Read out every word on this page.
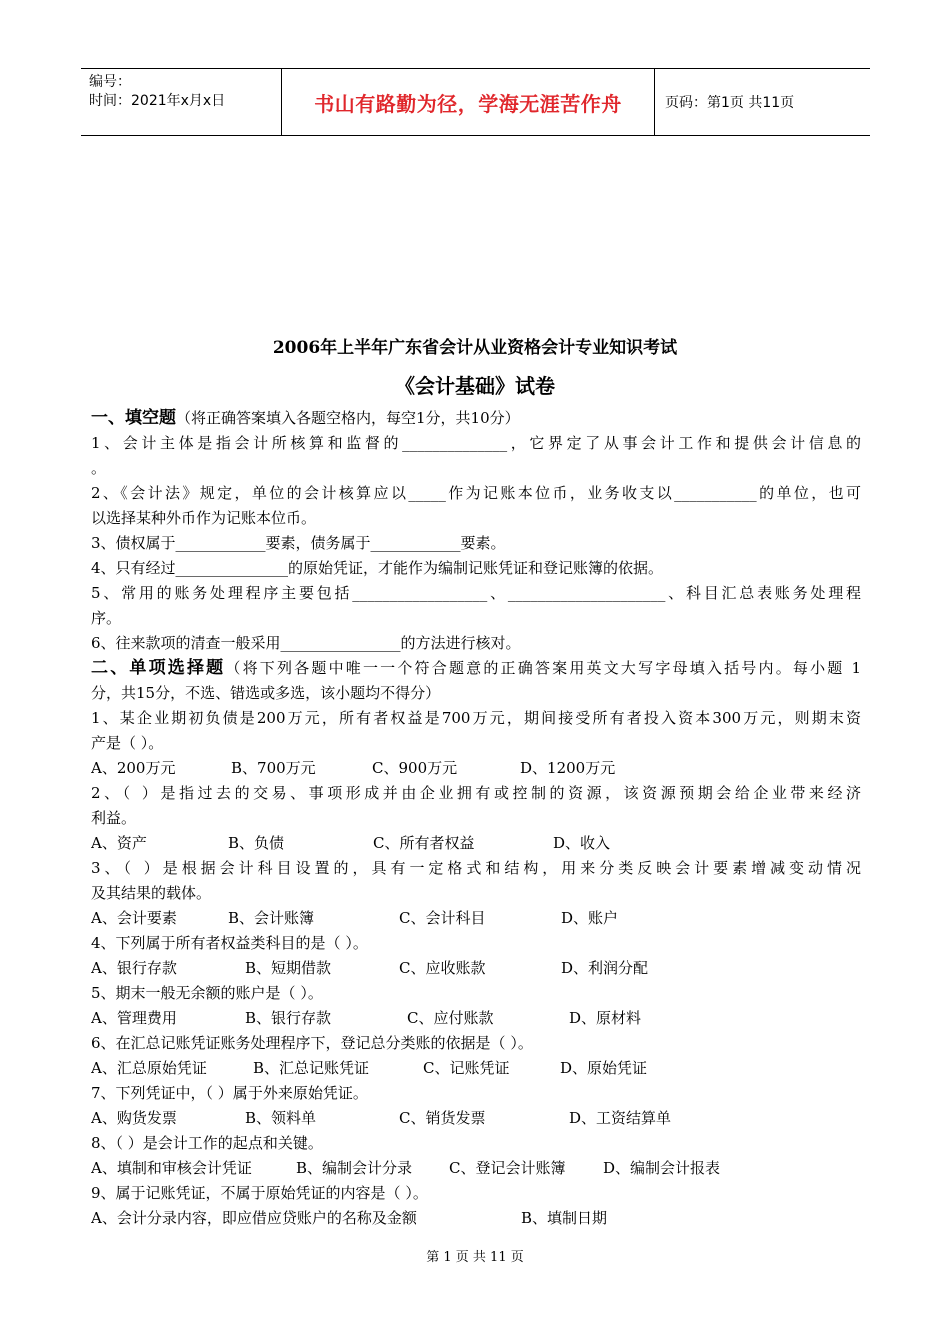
编号：
时间：2021年x月x日	书山有路勤为径，学海无涯苦作舟	页码：第1页 共11页
2006年上半年广东省会计从业资格会计专业知识考试
《会计基础》试卷
一、填空题（将正确答案填入各题空格内，每空1分，共10分）
1、会计主体是指会计所核算和监督的______________，它界定了从事会计工作和提供会计信息的
。
2、《会计法》规定，单位的会计核算应以_____作为记账本位币，业务收支以___________的单位，也可
以选择某种外币作为记账本位币。
3、债权属于____________要素，债务属于____________要素。
4、只有经过_______________的原始凭证，才能作为编制记账凭证和登记账簿的依据。
5、常用的账务处理程序主要包括__________________、_____________________、科目汇总表账务处理程
序。
6、往来款项的清查一般采用________________的方法进行核对。
二、单项选择题（将下列各题中唯一一个符合题意的正确答案用英文大写字母填入括号内。每小题 1
分，共15分，不选、错选或多选，该小题均不得分）
1、某企业期初负债是200万元，所有者权益是700万元，期间接受所有者投入资本300万元，则期末资
产是（ ）。
A、200万元	B、700万元	C、900万元	D、1200万元
2、（ ）是指过去的交易、事项形成并由企业拥有或控制的资源，该资源预期会给企业带来经济
利益。
A、资产	B、负债	C、所有者权益	D、收入
3、（ ）是根据会计科目设置的，具有一定格式和结构，用来分类反映会计要素增减变动情况
及其结果的载体。
A、会计要素	B、会计账簿	C、会计科目	D、账户
4、下列属于所有者权益类科目的是（ ）。
A、银行存款	B、短期借款	C、应收账款	D、利润分配
5、期末一般无余额的账户是（ ）。
A、管理费用	B、银行存款	C、应付账款	D、原材料
6、在汇总记账凭证账务处理程序下，登记总分类账的依据是（ ）。
A、汇总原始凭证	B、汇总记账凭证	C、记账凭证	D、原始凭证
7、下列凭证中，（ ）属于外来原始凭证。
A、购货发票	B、领料单	C、销货发票	D、工资结算单
8、（ ）是会计工作的起点和关键。
A、填制和审核会计凭证	B、编制会计分录 C、登记会计账簿	D、编制会计报表
9、属于记账凭证，不属于原始凭证的内容是（ ）。
A、会计分录内容，即应借应贷账户的名称及金额	B、填制日期
第 1 页 共 11 页
